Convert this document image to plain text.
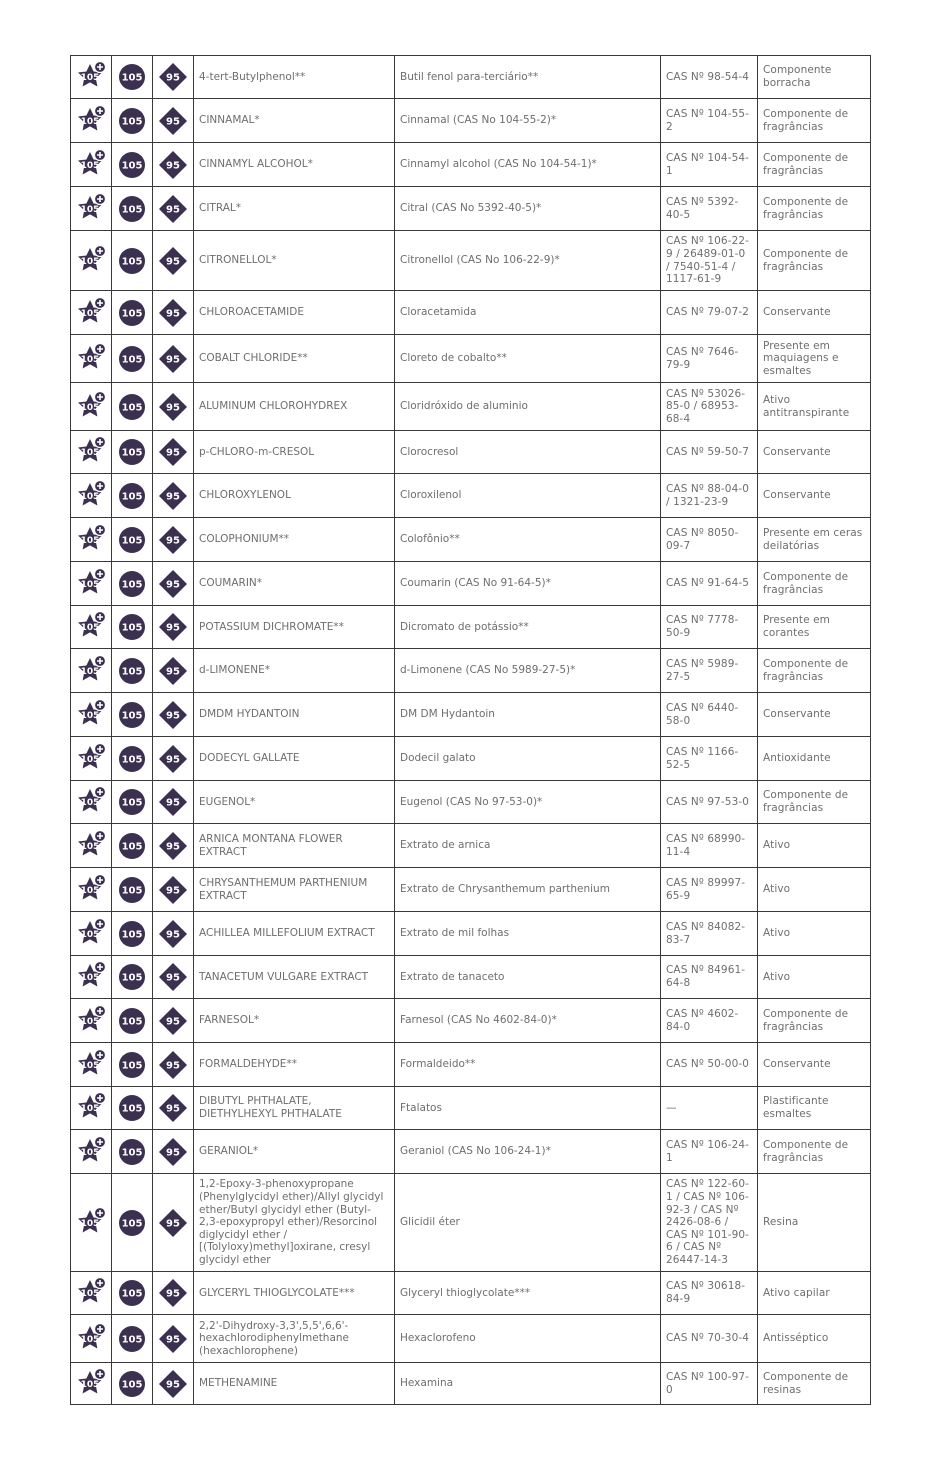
105	105	95	4-tert-Butylphenol**	Butil fenol para-terciário**	CAS Nº 98-54-4	Componente borracha

105	105	95	CINNAMAL*	Cinnamal (CAS No 104-55-2)*	CAS Nº 104-55-2	Componente de fragrâncias

105	105	95	CINNAMYL ALCOHOL*	Cinnamyl alcohol (CAS No 104-54-1)*	CAS Nº 104-54-1	Componente de fragrâncias

105	105	95	CITRAL*	Citral (CAS No 5392-40-5)*	CAS Nº 5392-40-5	Componente de fragrâncias

105	105	95	CITRONELLOL*	Citronellol (CAS No 106-22-9)*	CAS Nº 106-22-9 / 26489-01-0 / 7540-51-4 / 1117-61-9	Componente de fragrâncias

105	105	95	CHLOROACETAMIDE	Cloracetamida	CAS Nº 79-07-2	Conservante

105	105	95	COBALT CHLORIDE**	Cloreto de cobalto**	CAS Nº 7646-79-9	Presente em maquiagens e esmaltes

105	105	95	ALUMINUM CHLOROHYDREX	Cloridróxido de aluminio	CAS Nº 53026-85-0 / 68953-68-4	Ativo antitranspirante

105	105	95	p-CHLORO-m-CRESOL	Clorocresol	CAS Nº 59-50-7	Conservante

105	105	95	CHLOROXYLENOL	Cloroxilenol	CAS Nº 88-04-0 / 1321-23-9	Conservante

105	105	95	COLOPHONIUM**	Colofônio**	CAS Nº 8050-09-7	Presente em ceras deilatórias

105	105	95	COUMARIN*	Coumarin (CAS No 91-64-5)*	CAS Nº 91-64-5	Componente de fragrâncias

105	105	95	POTASSIUM DICHROMATE**	Dicromato de potássio**	CAS Nº 7778-50-9	Presente em corantes

105	105	95	d-LIMONENE*	d-Limonene (CAS No 5989-27-5)*	CAS Nº 5989-27-5	Componente de fragrâncias

105	105	95	DMDM HYDANTOIN	DM DM Hydantoin	CAS Nº 6440-58-0	Conservante

105	105	95	DODECYL GALLATE	Dodecil galato	CAS Nº 1166-52-5	Antioxidante

105	105	95	EUGENOL*	Eugenol (CAS No 97-53-0)*	CAS Nº 97-53-0	Componente de fragrâncias

105	105	95	ARNICA MONTANA FLOWER EXTRACT	Extrato de arnica	CAS Nº 68990-11-4	Ativo

105	105	95	CHRYSANTHEMUM PARTHENIUM EXTRACT	Extrato de Chrysanthemum parthenium	CAS Nº 89997-65-9	Ativo

105	105	95	ACHILLEA MILLEFOLIUM EXTRACT	Extrato de mil folhas	CAS Nº 84082-83-7	Ativo

105	105	95	TANACETUM VULGARE EXTRACT	Extrato de tanaceto	CAS Nº 84961-64-8	Ativo

105	105	95	FARNESOL*	Farnesol (CAS No 4602-84-0)*	CAS Nº 4602-84-0	Componente de fragrâncias

105	105	95	FORMALDEHYDE**	Formaldeido**	CAS Nº 50-00-0	Conservante

105	105	95	DIBUTYL PHTHALATE, DIETHYLHEXYL PHTHALATE	Ftalatos	—	Plastificante esmaltes

105	105	95	GERANIOL*	Geraniol (CAS No 106-24-1)*	CAS Nº 106-24-1	Componente de fragrâncias

105	105	95	1,2-Epoxy-3-phenoxypropane (Phenylglycidyl ether)/Allyl glycidyl ether/Butyl glycidyl ether (Butyl-2,3-epoxypropyl ether)/Resorcinol diglycidyl ether / [(Tolyloxy)methyl]oxirane, cresyl glycidyl ether	Glicidil éter	CAS Nº 122-60-1 / CAS Nº 106-92-3 / CAS Nº 2426-08-6 / CAS Nº 101-90-6 / CAS Nº 26447-14-3	Resina

105	105	95	GLYCERYL THIOGLYCOLATE***	Glyceryl thioglycolate***	CAS Nº 30618-84-9	Ativo capilar

105	105	95	2,2'-Dihydroxy-3,3',5,5',6,6'-hexachlorodiphenylmethane (hexachlorophene)	Hexaclorofeno	CAS Nº 70-30-4	Antisséptico

105	105	95	METHENAMINE	Hexamina	CAS Nº 100-97-0	Componente de resinas
